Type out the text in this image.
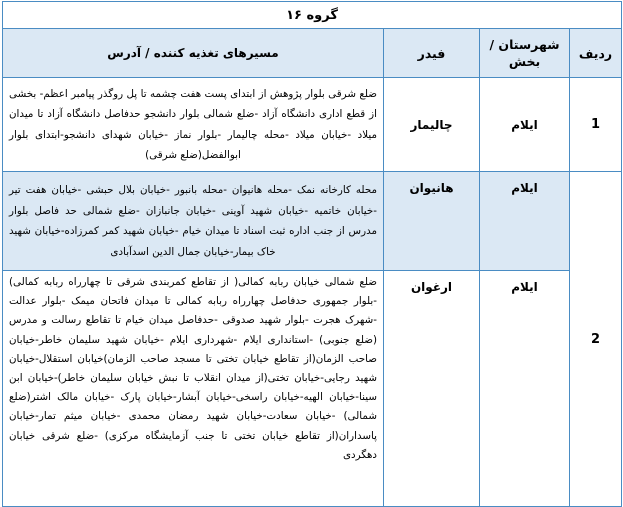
گروه ۱۶			
ردیف	شهرستان / بخش	فیدر	مسیرهای تغذیه کننده / آدرس
1	ایلام	چالیمار	ضلع شرقی بلوار پژوهش از ابتدای پست هفت چشمه تا پل روگذر پیامبر اعظم- بخشی از قطع اداری دانشگاه آزاد -ضلع شمالی بلوار دانشجو حدفاصل دانشگاه آزاد تا میدان میلاد -خیابان میلاد -محله چالیمار -بلوار نماز -خیابان شهدای دانشجو-ابتدای بلوار ابوالفضل(ضلع شرقی)
2	ایلام	هانیوان	محله کارخانه نمک -محله هانیوان -محله بانبور -خیابان بلال حبشی -خیابان هفت تیر -خیابان خاتمیه -خیابان شهید آوینی -خیابان جانبازان -ضلع شمالی حد فاصل بلوار مدرس از جنب اداره ثبت اسناد تا میدان خیام -خیابان شهید کمر کمرزاده-خیابان شهید خاک بیمار-خیابان جمال الدین اسدآبادی
	ایلام	ارغوان	ضلع شمالی خیابان ربابه کمالی( از تقاطع کمربندی شرقی تا چهارراه ربابه کمالی) -بلوار جمهوری حدفاصل چهارراه ربابه کمالی تا میدان فاتحان میمک -بلوار عدالت -شهرک هجرت -بلوار شهید صدوقی -حدفاصل میدان خیام تا تقاطع رسالت و مدرس (ضلع جنوبی) -استانداری ایلام -شهرداری ایلام -خیابان شهید سلیمان خاطر-خیابان صاحب الزمان(از تقاطع خیابان تختی تا مسجد صاحب الزمان)خیابان استقلال-خیابان شهید رجایی-خیابان تختی(از میدان انقلاب تا نبش خیابان سلیمان خاطر)-خیابان ابن سینا-خیابان الهیه-خیابان راسخی-خیابان آبشار-خیابان پارک -خیابان مالک اشتر(ضلع شمالی) -خیابان سعادت-خیابان شهید رمضان محمدی -خیابان میثم تمار-خیابان پاسداران(از تقاطع خیابان تختی تا جنب آزمایشگاه مرکزی) -ضلع شرقی خیابان دهگردی
